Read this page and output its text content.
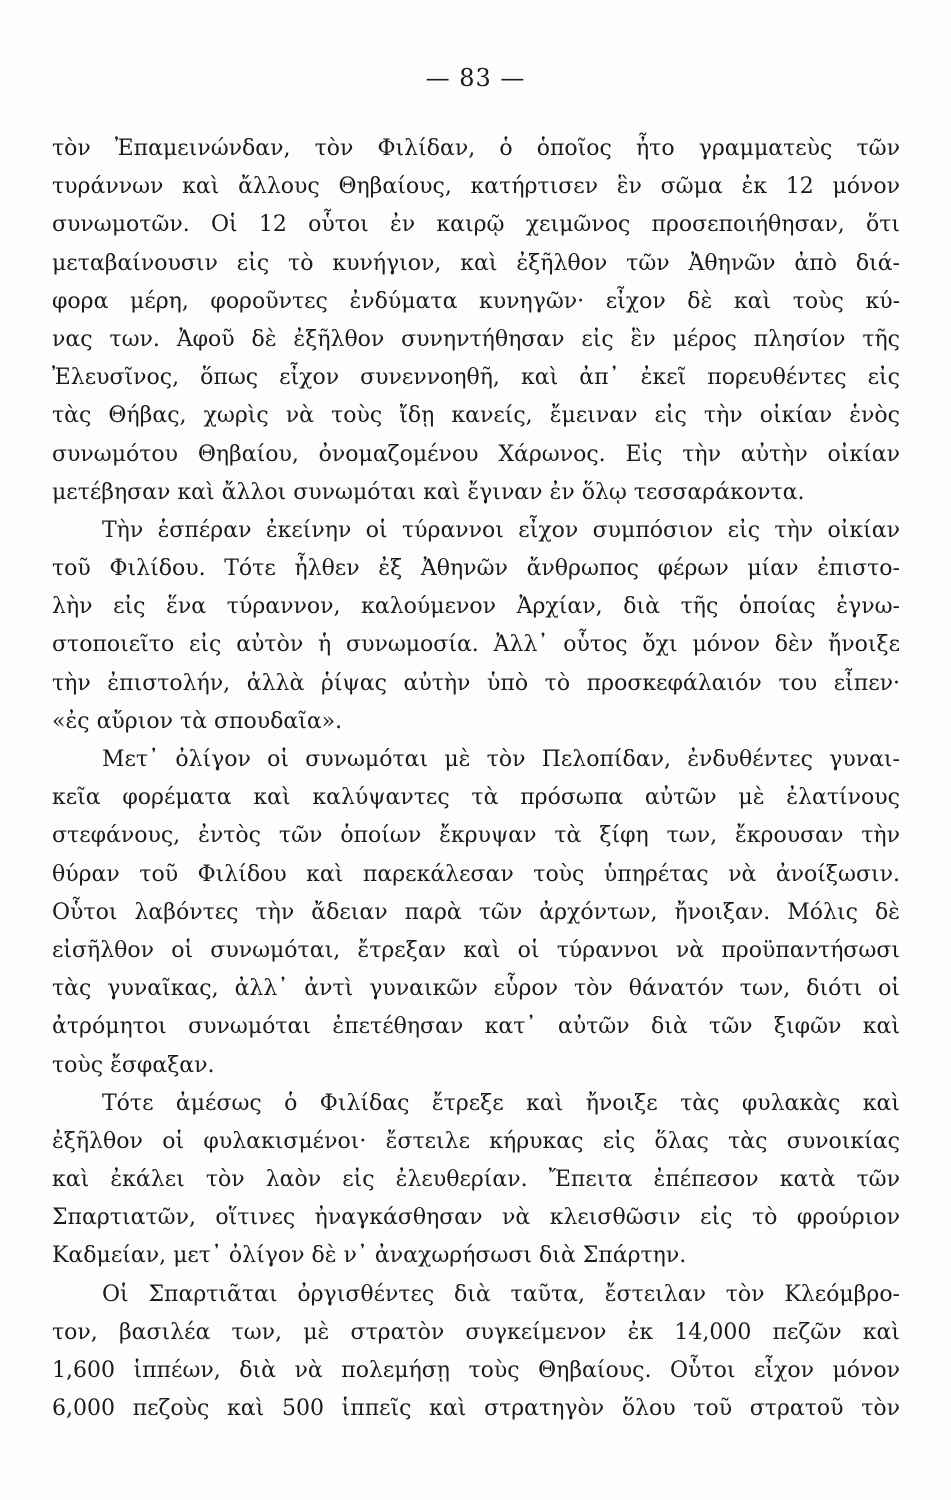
— 83 —
τὸν Ἐπαμεινώνδαν, τὸν Φιλίδαν, ὁ ὁποῖος ἦτο γραμματεὺς τῶν
τυράννων καὶ ἄλλους Θηβαίους, κατήρτισεν ἓν σῶμα ἐκ 12 μόνον
συνωμοτῶν. Οἱ 12 οὗτοι ἐν καιρῷ χειμῶνος προσεποιήθησαν, ὅτι
μεταβαίνουσιν εἰς τὸ κυνήγιον, καὶ ἐξῆλθον τῶν Ἀθηνῶν ἀπὸ διά-
φορα μέρη, φοροῦντες ἐνδύματα κυνηγῶν· εἶχον δὲ καὶ τοὺς κύ-
νας των. Ἀφοῦ δὲ ἐξῆλθον συνηντήθησαν εἰς ἓν μέρος πλησίον τῆς
Ἐλευσῖνος, ὅπως εἶχον συνεννοηθῆ, καὶ ἀπ᾽ ἐκεῖ πορευθέντες εἰς
τὰς Θήβας, χωρὶς νὰ τοὺς ἴδῃ κανείς, ἔμειναν εἰς τὴν οἰκίαν ἑνὸς
συνωμότου Θηβαίου, ὀνομαζομένου Χάρωνος. Εἰς τὴν αὐτὴν οἰκίαν
μετέβησαν καὶ ἄλλοι συνωμόται καὶ ἔγιναν ἐν ὅλῳ τεσσαράκοντα.
Τὴν ἑσπέραν ἐκείνην οἱ τύραννοι εἶχον συμπόσιον εἰς τὴν οἰκίαν
τοῦ Φιλίδου. Τότε ἦλθεν ἐξ Ἀθηνῶν ἄνθρωπος φέρων μίαν ἐπιστο-
λὴν εἰς ἕνα τύραννον, καλούμενον Ἀρχίαν, διὰ τῆς ὁποίας ἐγνω-
στοποιεῖτο εἰς αὐτὸν ἡ συνωμοσία. Ἀλλ᾽ οὗτος ὄχι μόνον δὲν ἤνοιξε
τὴν ἐπιστολήν, ἀλλὰ ῥίψας αὐτὴν ὑπὸ τὸ προσκεφάλαιόν του εἶπεν·
«ἐς αὔριον τὰ σπουδαῖα».
Μετ᾽ ὀλίγον οἱ συνωμόται μὲ τὸν Πελοπίδαν, ἐνδυθέντες γυναι-
κεῖα φορέματα καὶ καλύψαντες τὰ πρόσωπα αὐτῶν μὲ ἐλατίνους
στεφάνους, ἐντὸς τῶν ὁποίων ἔκρυψαν τὰ ξίφη των, ἔκρουσαν τὴν
θύραν τοῦ Φιλίδου καὶ παρεκάλεσαν τοὺς ὑπηρέτας νὰ ἀνοίξωσιν.
Οὗτοι λαβόντες τὴν ἄδειαν παρὰ τῶν ἀρχόντων, ἤνοιξαν. Μόλις δὲ
εἰσῆλθον οἱ συνωμόται, ἔτρεξαν καὶ οἱ τύραννοι νὰ προϋπαντήσωσι
τὰς γυναῖκας, ἀλλ᾽ ἀντὶ γυναικῶν εὗρον τὸν θάνατόν των, διότι οἱ
ἀτρόμητοι συνωμόται ἐπετέθησαν κατ᾽ αὐτῶν διὰ τῶν ξιφῶν καὶ
τοὺς ἔσφαξαν.
Τότε ἀμέσως ὁ Φιλίδας ἔτρεξε καὶ ἤνοιξε τὰς φυλακὰς καὶ
ἐξῆλθον οἱ φυλακισμένοι· ἔστειλε κήρυκας εἰς ὅλας τὰς συνοικίας
καὶ ἐκάλει τὸν λαὸν εἰς ἐλευθερίαν. Ἔπειτα ἐπέπεσον κατὰ τῶν
Σπαρτιατῶν, οἵτινες ἠναγκάσθησαν νὰ κλεισθῶσιν εἰς τὸ φρούριον
Καδμείαν, μετ᾽ ὀλίγον δὲ ν᾽ ἀναχωρήσωσι διὰ Σπάρτην.
Οἱ Σπαρτιᾶται ὀργισθέντες διὰ ταῦτα, ἔστειλαν τὸν Κλεόμβρο-
τον, βασιλέα των, μὲ στρατὸν συγκείμενον ἐκ 14,000 πεζῶν καὶ
1,600 ἱππέων, διὰ νὰ πολεμήσῃ τοὺς Θηβαίους. Οὗτοι εἶχον μόνον
6,000 πεζοὺς καὶ 500 ἱππεῖς καὶ στρατηγὸν ὅλου τοῦ στρατοῦ τὸν
